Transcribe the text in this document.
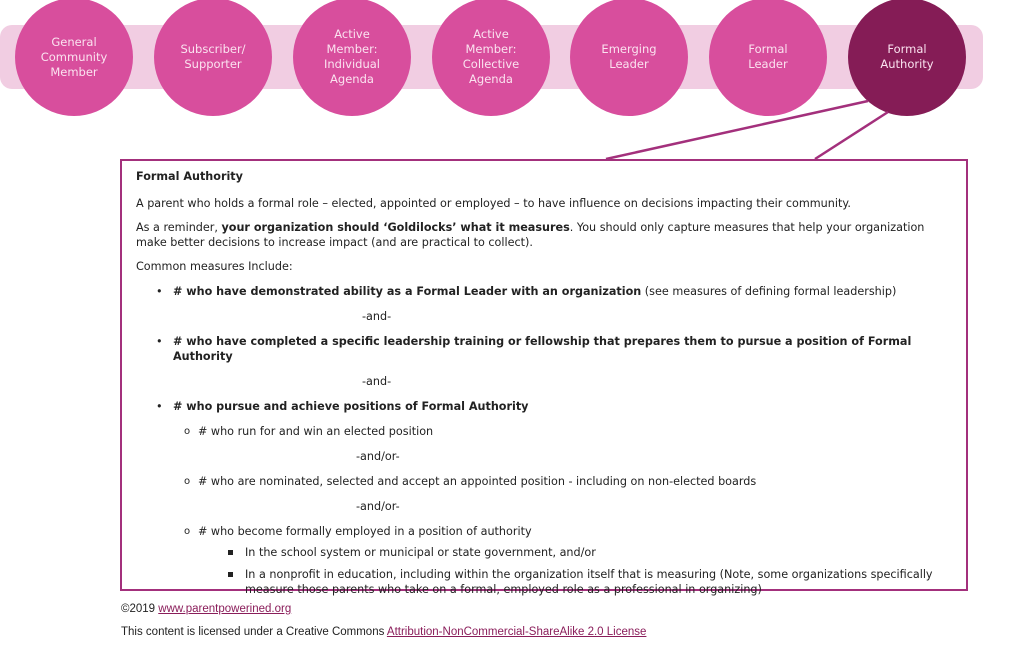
General Community Member
Subscriber/ Supporter
Active Member: Individual Agenda
Active Member: Collective Agenda
Emerging Leader
Formal Leader
Formal Authority

Formal Authority

A parent who holds a formal role – elected, appointed or employed – to have influence on decisions impacting their community.

As a reminder, your organization should ‘Goldilocks’ what it measures. You should only capture measures that help your organization make better decisions to increase impact (and are practical to collect).

Common measures Include:

• # who have demonstrated ability as a Formal Leader with an organization (see measures of defining formal leadership)
-and-
• # who have completed a specific leadership training or fellowship that prepares them to pursue a position of Formal Authority
-and-
• # who pursue and achieve positions of Formal Authority
o # who run for and win an elected position
-and/or-
o # who are nominated, selected and accept an appointed position - including on non-elected boards
-and/or-
o # who become formally employed in a position of authority
In the school system or municipal or state government, and/or
In a nonprofit in education, including within the organization itself that is measuring (Note, some organizations specifically measure those parents who take on a formal, employed role as a professional in organizing)
©2019 www.parentpowerined.org
This content is licensed under a Creative Commons Attribution-NonCommercial-ShareAlike 2.0 License
